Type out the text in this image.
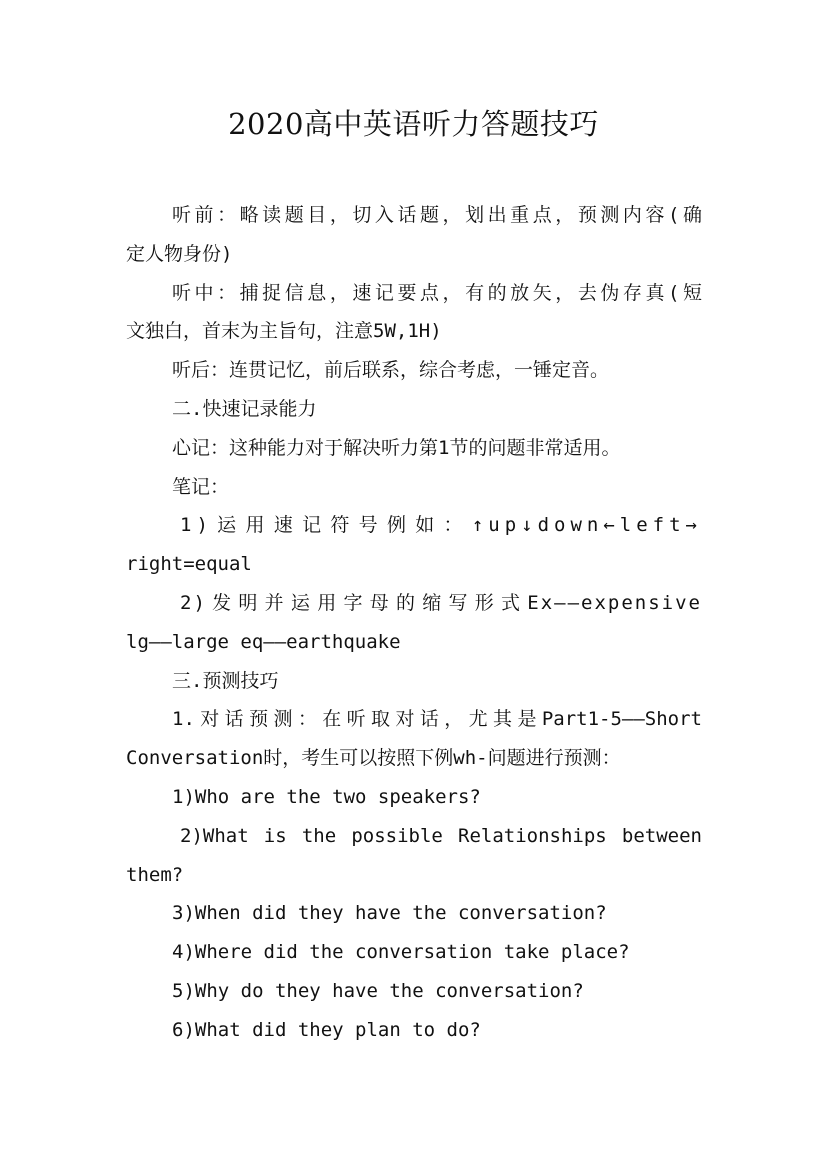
2020高中英语听力答题技巧
听前：略读题目，切入话题，划出重点，预测内容(确
定人物身份)
听中：捕捉信息，速记要点，有的放矢，去伪存真(短
文独白，首末为主旨句，注意5W,1H)
听后：连贯记忆，前后联系，综合考虑，一锤定音。
二.快速记录能力
心记：这种能力对于解决听力第1节的问题非常适用。
笔记：
1)运用速记符号例如：↑up↓down←left→
right=equal
2)发明并运用字母的缩写形式Ex——expensive
lg——large eq——earthquake
三.预测技巧
1.对话预测：在听取对话，尤其是Part1-5——Short
Conversation时，考生可以按照下例wh-问题进行预测：
1)Who are the two speakers?
2)What is the possible Relationships between
them?
3)When did they have the conversation?
4)Where did the conversation take place?
5)Why do they have the conversation?
6)What did they plan to do?
